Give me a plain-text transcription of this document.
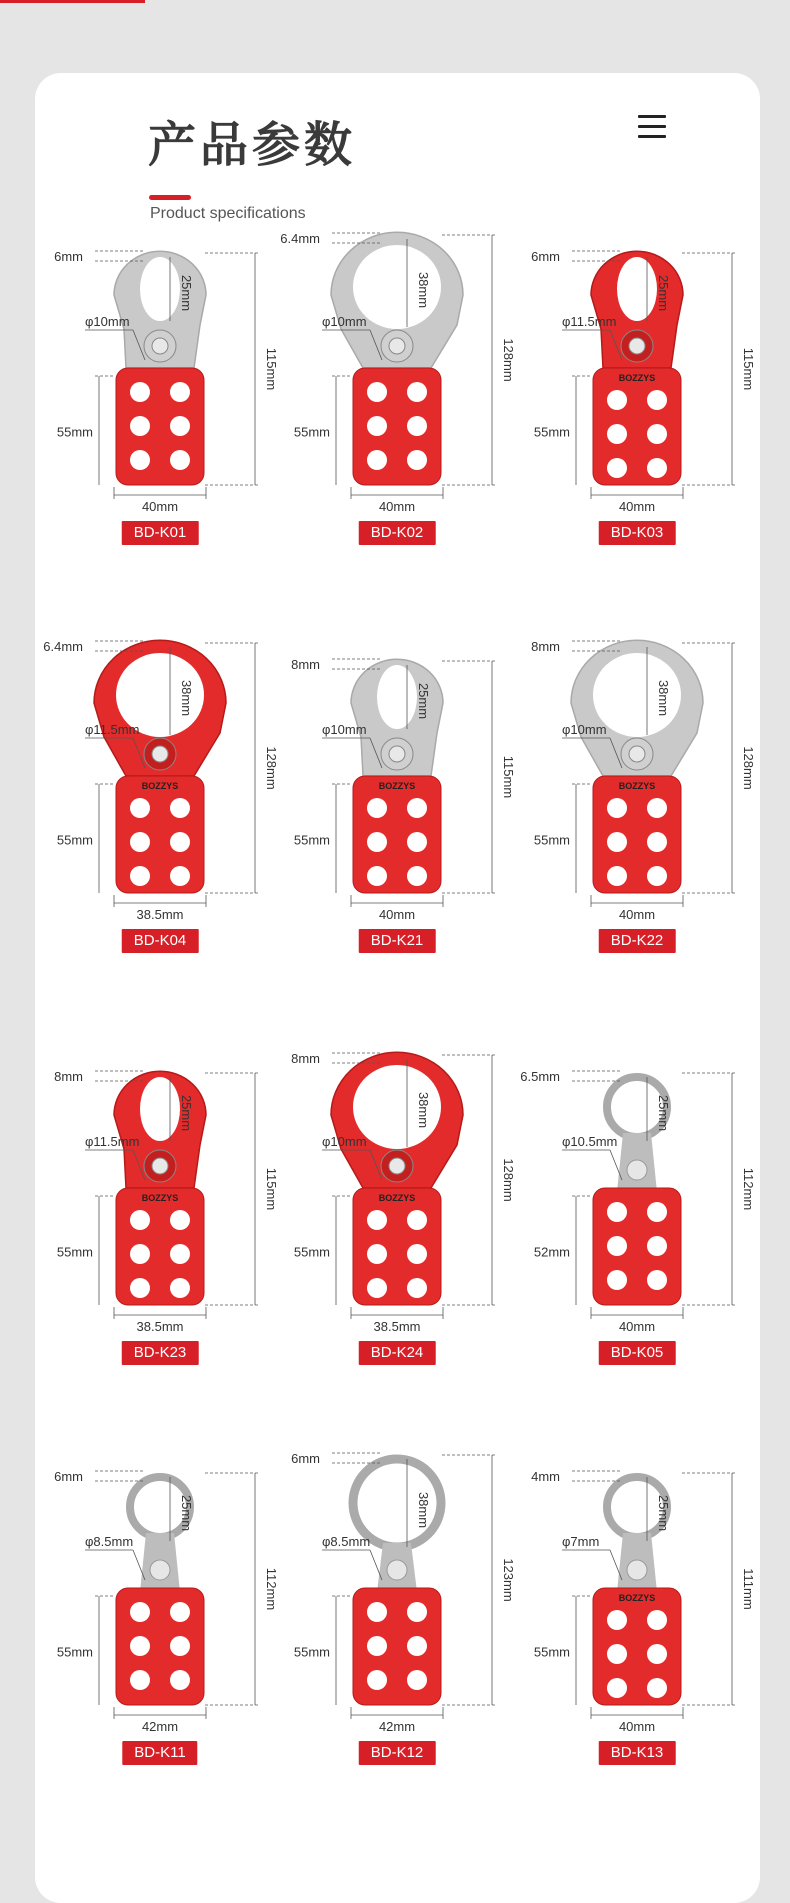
产品参数
Product specifications
115mm
25mm
6mm
φ10mm
55mm
40mm
BD-K01
128mm
38mm
6.4mm
φ10mm
55mm
40mm
BD-K02
BOZZYS	115mm
25mm
6mm
φ11.5mm
55mm
40mm
BD-K03
BOZZYS	128mm
38mm
6.4mm
φ11.5mm
55mm
38.5mm
BD-K04
BOZZYS	115mm
25mm
8mm
φ10mm
55mm
40mm
BD-K21
BOZZYS	128mm
38mm
8mm
φ10mm
55mm
40mm
BD-K22
BOZZYS	115mm
25mm
8mm
φ11.5mm
55mm
38.5mm
BD-K23
BOZZYS	128mm
38mm
8mm
φ10mm
55mm
38.5mm
BD-K24
112mm
25mm
6.5mm
φ10.5mm
52mm
40mm
BD-K05
112mm
25mm
6mm
φ8.5mm
55mm
42mm
BD-K11
123mm
38mm
6mm
φ8.5mm
55mm
42mm
BD-K12
BOZZYS	111mm
25mm
4mm
φ7mm
55mm
40mm
BD-K13
